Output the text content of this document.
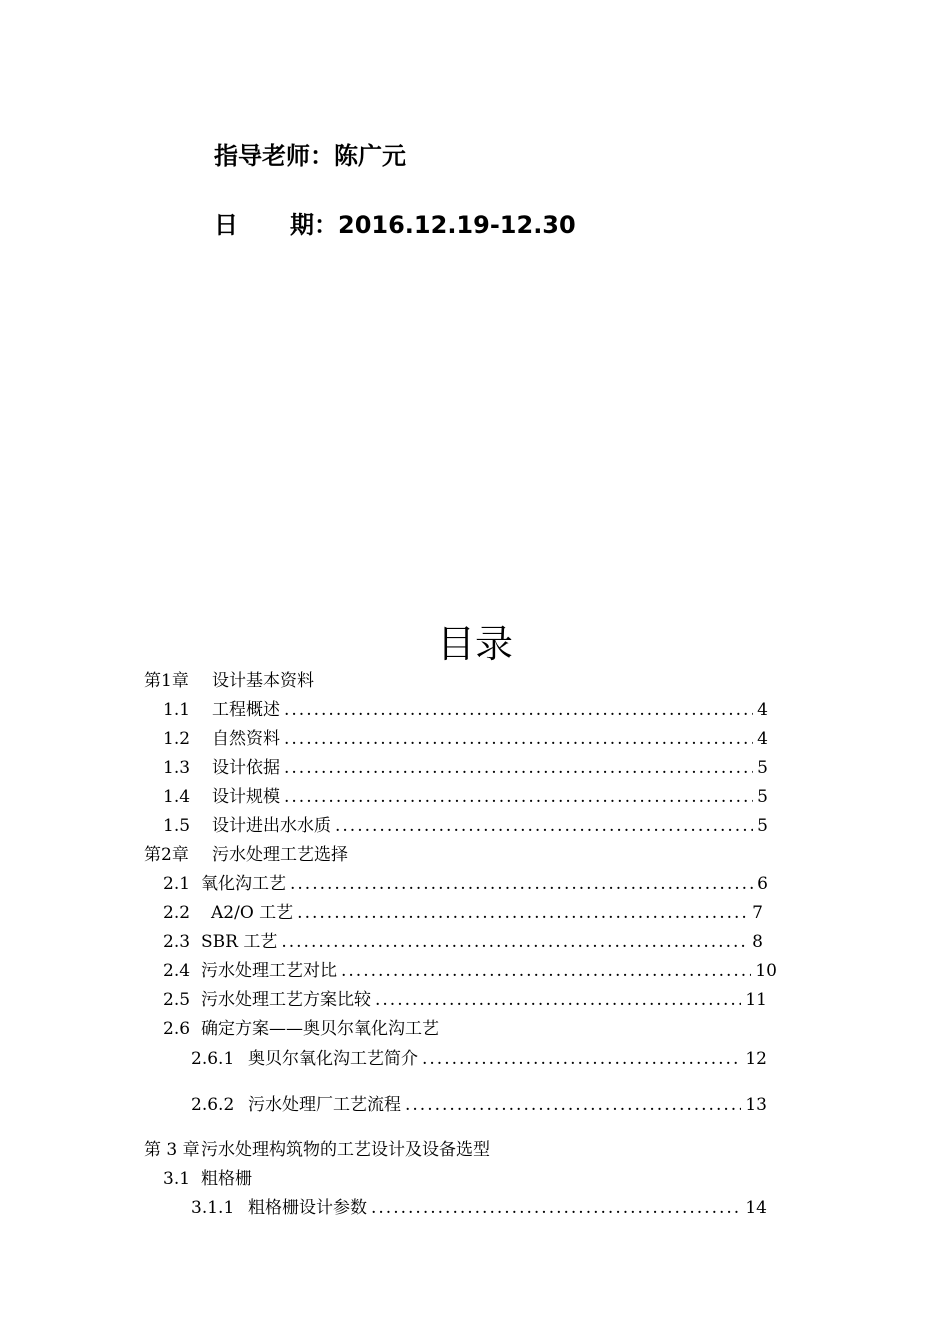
指导老师：陈广元
日 期：2016.12.19-12.30
目录
第1章	设计基本资料
1.1	工程概述 .....	4
1.2	自然资料 .....	4
1.3	设计依据 .....	5
1.4	设计规模 .....	5
1.5	设计进出水水质 .....	5
第2章	污水处理工艺选择
2.1 氧化沟工艺 .....	6
2.2	A2/O 工艺 .....	7
2.3 SBR 工艺 .....	8
2.4 污水处理工艺对比 .....	10
2.5 污水处理工艺方案比较 .....	11
2.6 确定方案——奥贝尔氧化沟工艺
2.6.1 奥贝尔氧化沟工艺简介 .....	12
2.6.2 污水处理厂工艺流程 .....	13
第 3 章 污水处理构筑物的工艺设计及设备选型
3.1 粗格栅
3.1.1 粗格栅设计参数 .....	14
